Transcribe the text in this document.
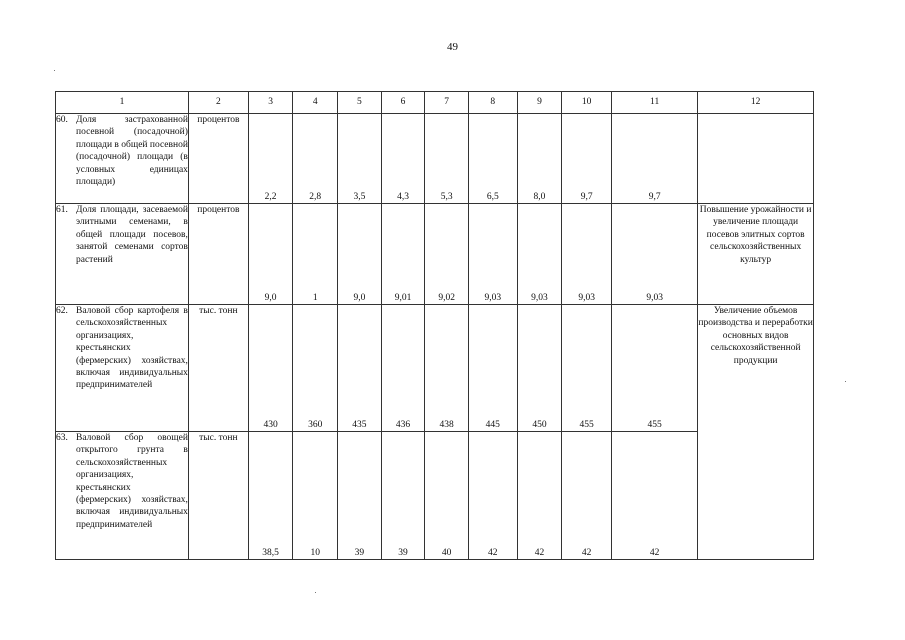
49
1	2	3	4	5	6	7	8	9	10	11	12

60. Доля застрахованной посевной (посадочной) площади в общей посевной (посадочной) площади (в условных единицах площади)	процентов	2,2	2,8	3,5	4,3	5,3	6,5	8,0	9,7	9,7	

61. Доля площади, засеваемой элитными семенами, в общей площади посевов, занятой семенами сортов растений	процентов	9,0	1	9,0	9,01	9,02	9,03	9,03	9,03	9,03	Повышение урожайности и увеличение площади посевов элитных сортов сельскохозяйственных культур

62. Валовой сбор картофеля в сельскохозяйственных организациях, крестьянских (фермерских) хозяйствах, включая индивидуальных предпринимателей	тыс. тонн	430	360	435	436	438	445	450	455	455	Увеличение объемов производства и переработки основных видов сельскохозяйственной продукции

63. Валовой сбор овощей открытого грунта в сельскохозяйственных организациях, крестьянских (фермерских) хозяйствах, включая индивидуальных предпринимателей	тыс. тонн	38,5	10	39	39	40	42	42	42	42	
